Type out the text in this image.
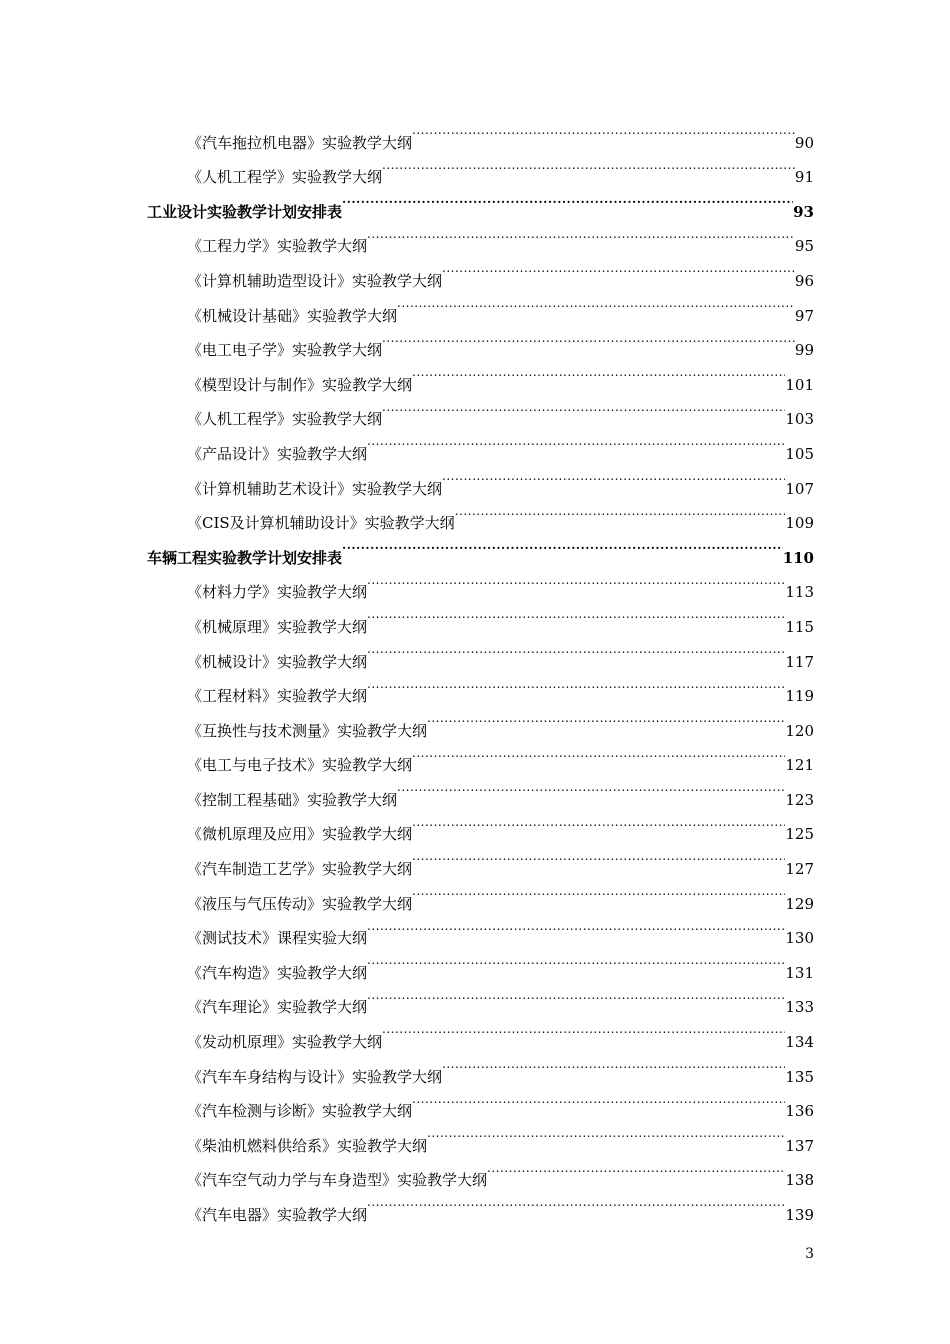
《汽车拖拉机电器》实验教学大纲 .....	90
《人机工程学》实验教学大纲 .....	91
工业设计实验教学计划安排表 .....	93
《工程力学》实验教学大纲 .....	95
《计算机辅助造型设计》实验教学大纲 .....	96
《机械设计基础》实验教学大纲 .....	97
《电工电子学》实验教学大纲 .....	99
《模型设计与制作》实验教学大纲 .....	101
《人机工程学》实验教学大纲 .....	103
《产品设计》实验教学大纲 .....	105
《计算机辅助艺术设计》实验教学大纲 .....	107
《CIS及计算机辅助设计》实验教学大纲 .....	109
车辆工程实验教学计划安排表 .....	110
《材料力学》实验教学大纲 .....	113
《机械原理》实验教学大纲 .....	115
《机械设计》实验教学大纲 .....	117
《工程材料》实验教学大纲 .....	119
《互换性与技术测量》实验教学大纲 .....	120
《电工与电子技术》实验教学大纲 .....	121
《控制工程基础》实验教学大纲 .....	123
《微机原理及应用》实验教学大纲 .....	125
《汽车制造工艺学》实验教学大纲 .....	127
《液压与气压传动》实验教学大纲 .....	129
《测试技术》课程实验大纲 .....	130
《汽车构造》实验教学大纲 .....	131
《汽车理论》实验教学大纲 .....	133
《发动机原理》实验教学大纲 .....	134
《汽车车身结构与设计》实验教学大纲 .....	135
《汽车检测与诊断》实验教学大纲 .....	136
《柴油机燃料供给系》实验教学大纲 .....	137
《汽车空气动力学与车身造型》实验教学大纲 .....	138
《汽车电器》实验教学大纲 .....	139
3
